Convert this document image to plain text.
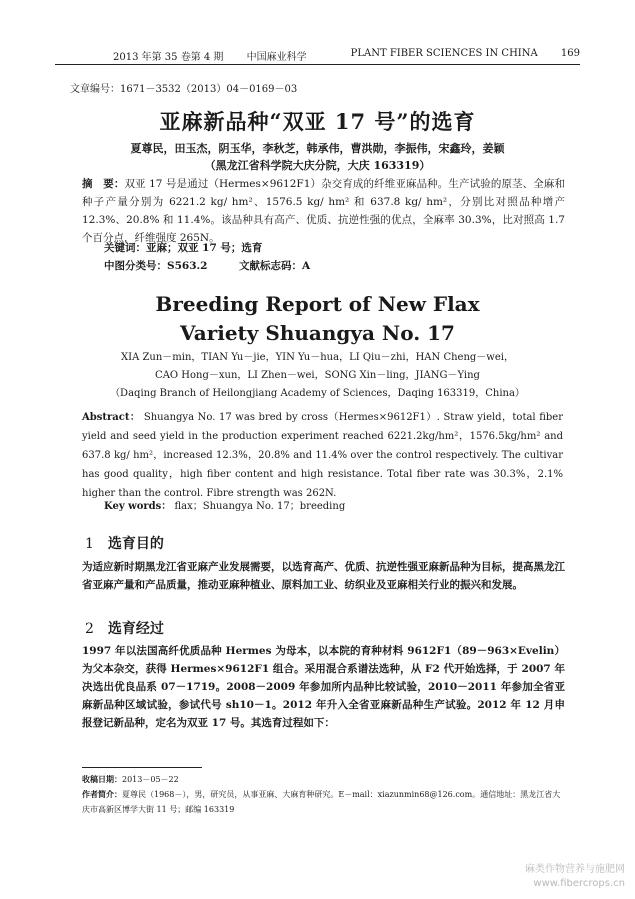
2013 年第 35 卷第 4 期 中国麻业科学	PLANT FIBER SCIENCES IN CHINA 169
文章编号：1671－3532（2013）04－0169－03
亚麻新品种“双亚 17 号”的选育
夏尊民，田玉杰，阴玉华，李秋芝，韩承伟，曹洪勋，李振伟，宋鑫玲，姜颖
（黑龙江省科学院大庆分院，大庆 163319）
摘　要：双亚 17 号是通过（Hermes×9612F1）杂交育成的纤维亚麻品种。生产试验的原茎、全麻和种子产量分别为 6221.2 kg/ hm²、1576.5 kg/ hm² 和 637.8 kg/ hm²，分别比对照品种增产 12.3%、20.8% 和 11.4%。该品种具有高产、优质、抗逆性强的优点，全麻率 30.3%，比对照高 1.7 个百分点，纤维强度 265N。
关键词：亚麻；双亚 17 号；选育
中图分类号：S563.2　　　文献标志码：A
Breeding Report of New Flax
Variety Shuangya No. 17
XIA Zun－min，TIAN Yu－jie，YIN Yu－hua，LI Qiu－zhi，HAN Cheng－wei，
CAO Hong－xun，LI Zhen－wei，SONG Xin－ling，JIANG－Ying
（Daqing Branch of Heilongjiang Academy of Sciences，Daqing 163319，China）
Abstract： Shuangya No. 17 was bred by cross（Hermes×9612F1）. Straw yield，total fiber yield and seed yield in the production experiment reached 6221.2kg/hm²，1576.5kg/hm² and 637.8 kg/ hm²，increased 12.3%，20.8% and 11.4% over the control respectively. The cultivar has good quality，high fiber content and high resistance. Total fiber rate was 30.3%，2.1% higher than the control. Fibre strength was 262N.
Key words： flax；Shuangya No. 17；breeding
1 选育目的
为适应新时期黑龙江省亚麻产业发展需要，以选育高产、优质、抗逆性强亚麻新品种为目标，提高黑龙江省亚麻产量和产品质量，推动亚麻种植业、原料加工业、纺织业及亚麻相关行业的振兴和发展。
2 选育经过
1997 年以法国高纤优质品种 Hermes 为母本，以本院的育种材料 9612F1（89－963×Evelin）为父本杂交，获得 Hermes×9612F1 组合。采用混合系谱法选种，从 F2 代开始选择，于 2007 年决选出优良品系 07－1719。2008－2009 年参加所内品种比较试验，2010－2011 年参加全省亚麻新品种区域试验，参试代号 sh10－1。2012 年升入全省亚麻新品种生产试验。2012 年 12 月申报登记新品种，定名为双亚 17 号。其选育过程如下：
收稿日期：2013－05－22
作者简介：夏尊民（1968－），男，研究员，从事亚麻、大麻育种研究。E－mail：xiazunmin68@126.com。通信地址：黑龙江省大庆市高新区博学大街 11 号；邮编 163319
麻类作物营养与施肥网
www.fibercrops.cn
